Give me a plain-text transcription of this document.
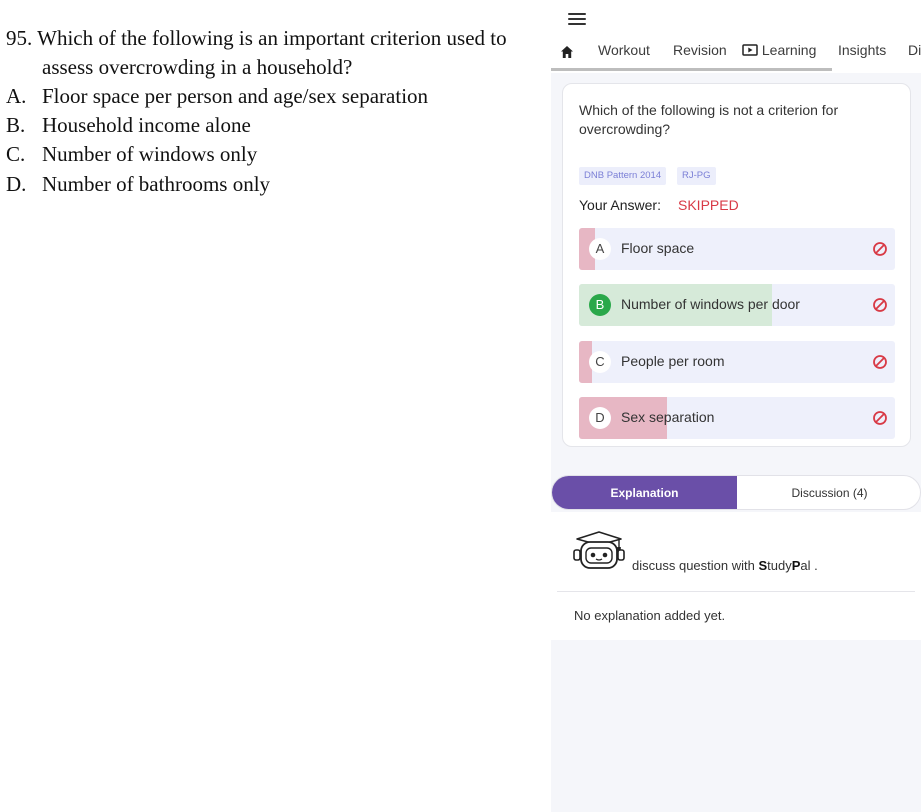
95. Which of the following is an important criterion used to
assess overcrowding in a household?
A. Floor space per person and age/sex separation
B. Household income alone
C. Number of windows only
D. Number of bathrooms only
Workout Revision	Learning Insights Di
Which of the following is not a criterion for overcrowding?
DNB Pattern 2014	RJ-PG
Your Answer: SKIPPED
A	Floor space
B	Number of windows per door
C	People per room
D	Sex separation
Explanation	Discussion (4)
discuss question with StudyPal .
No explanation added yet.
